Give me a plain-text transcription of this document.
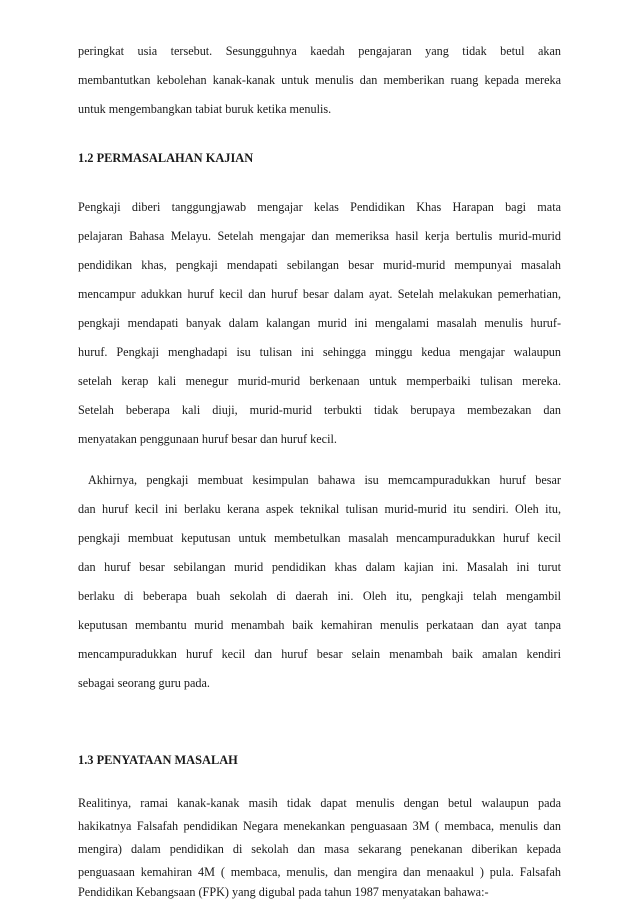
peringkat usia tersebut. Sesungguhnya kaedah pengajaran yang tidak betul akan
membantutkan kebolehan kanak-kanak untuk menulis dan memberikan ruang kepada mereka
untuk mengembangkan tabiat buruk ketika menulis.
1.2 PERMASALAHAN KAJIAN
Pengkaji diberi tanggungjawab mengajar kelas Pendidikan Khas Harapan bagi mata
pelajaran Bahasa Melayu. Setelah mengajar dan memeriksa hasil kerja bertulis murid-murid
pendidikan khas, pengkaji mendapati sebilangan besar murid-murid mempunyai masalah
mencampur adukkan huruf kecil dan huruf besar dalam ayat. Setelah melakukan pemerhatian,
pengkaji mendapati banyak dalam kalangan murid ini mengalami masalah menulis huruf-
huruf. Pengkaji menghadapi isu tulisan ini sehingga minggu kedua mengajar walaupun
setelah kerap kali menegur murid-murid berkenaan untuk memperbaiki tulisan mereka.
Setelah beberapa kali diuji, murid-murid terbukti tidak berupaya membezakan dan
menyatakan penggunaan huruf besar dan huruf kecil.
Akhirnya, pengkaji membuat kesimpulan bahawa isu memcampuradukkan huruf besar
dan huruf kecil ini berlaku kerana aspek teknikal tulisan murid-murid itu sendiri. Oleh itu,
pengkaji membuat keputusan untuk membetulkan masalah mencampuradukkan huruf kecil
dan huruf besar sebilangan murid pendidikan khas dalam kajian ini. Masalah ini turut
berlaku di beberapa buah sekolah di daerah ini. Oleh itu, pengkaji telah mengambil
keputusan membantu murid menambah baik kemahiran menulis perkataan dan ayat tanpa
mencampuradukkan huruf kecil dan huruf besar selain menambah baik amalan kendiri
sebagai seorang guru pada.
1.3 PENYATAAN MASALAH
Realitinya, ramai kanak-kanak masih tidak dapat menulis dengan betul walaupun pada
hakikatnya Falsafah pendidikan Negara menekankan penguasaan 3M ( membaca, menulis dan
mengira) dalam pendidikan di sekolah dan masa sekarang penekanan diberikan kepada
penguasaan kemahiran 4M ( membaca, menulis, dan mengira dan menaakul ) pula. Falsafah
Pendidikan Kebangsaan (FPK) yang digubal pada tahun 1987 menyatakan bahawa:-
